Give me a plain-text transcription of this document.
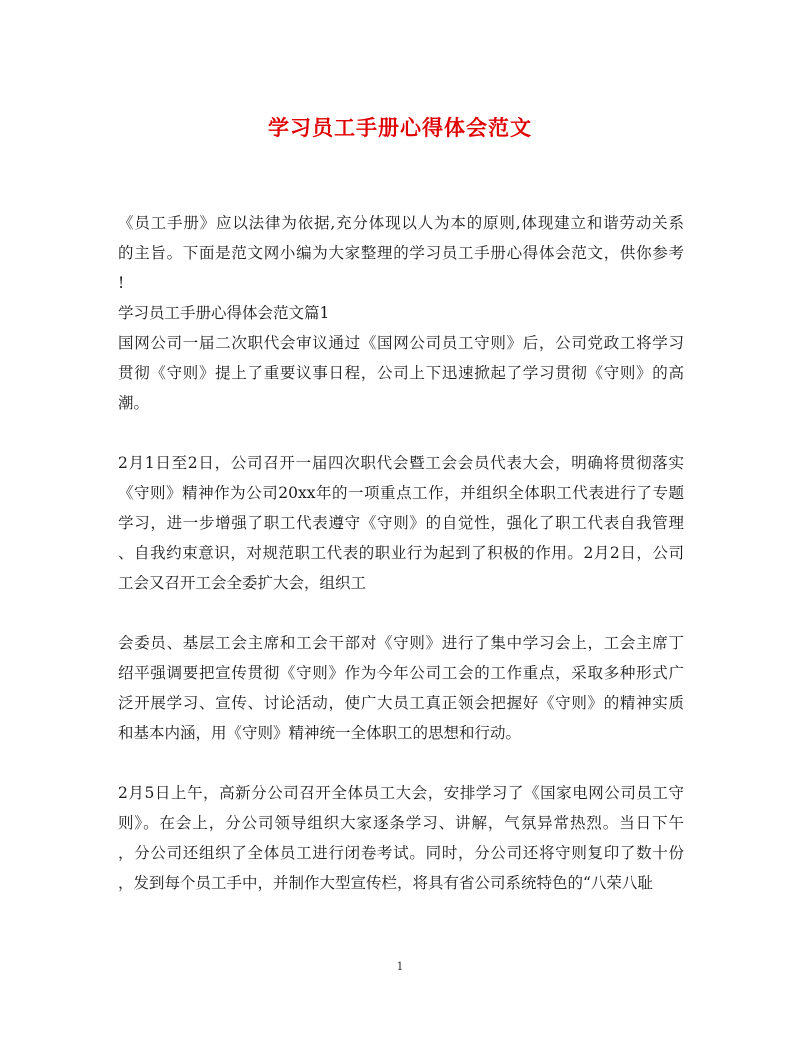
学习员工手册心得体会范文
《员工手册》应以法律为依据,充分体现以人为本的原则,体现建立和谐劳动关系
的主旨。下面是范文网小编为大家整理的学习员工手册心得体会范文，供你参考
!
学习员工手册心得体会范文篇1
国网公司一届二次职代会审议通过《国网公司员工守则》后，公司党政工将学习
贯彻《守则》提上了重要议事日程，公司上下迅速掀起了学习贯彻《守则》的高
潮。
2月1日至2日，公司召开一届四次职代会暨工会会员代表大会，明确将贯彻落实
《守则》精神作为公司20xx年的一项重点工作，并组织全体职工代表进行了专题
学习，进一步增强了职工代表遵守《守则》的自觉性，强化了职工代表自我管理
、自我约束意识，对规范职工代表的职业行为起到了积极的作用。2月2日，公司
工会又召开工会全委扩大会，组织工
会委员、基层工会主席和工会干部对《守则》进行了集中学习会上，工会主席丁
绍平强调要把宣传贯彻《守则》作为今年公司工会的工作重点，采取多种形式广
泛开展学习、宣传、讨论活动，使广大员工真正领会把握好《守则》的精神实质
和基本内涵，用《守则》精神统一全体职工的思想和行动。
2月5日上午，高新分公司召开全体员工大会，安排学习了《国家电网公司员工守
则》。在会上，分公司领导组织大家逐条学习、讲解，气氛异常热烈。当日下午
，分公司还组织了全体员工进行闭卷考试。同时，分公司还将守则复印了数十份
，发到每个员工手中，并制作大型宣传栏，将具有省公司系统特色的“八荣八耻
1
